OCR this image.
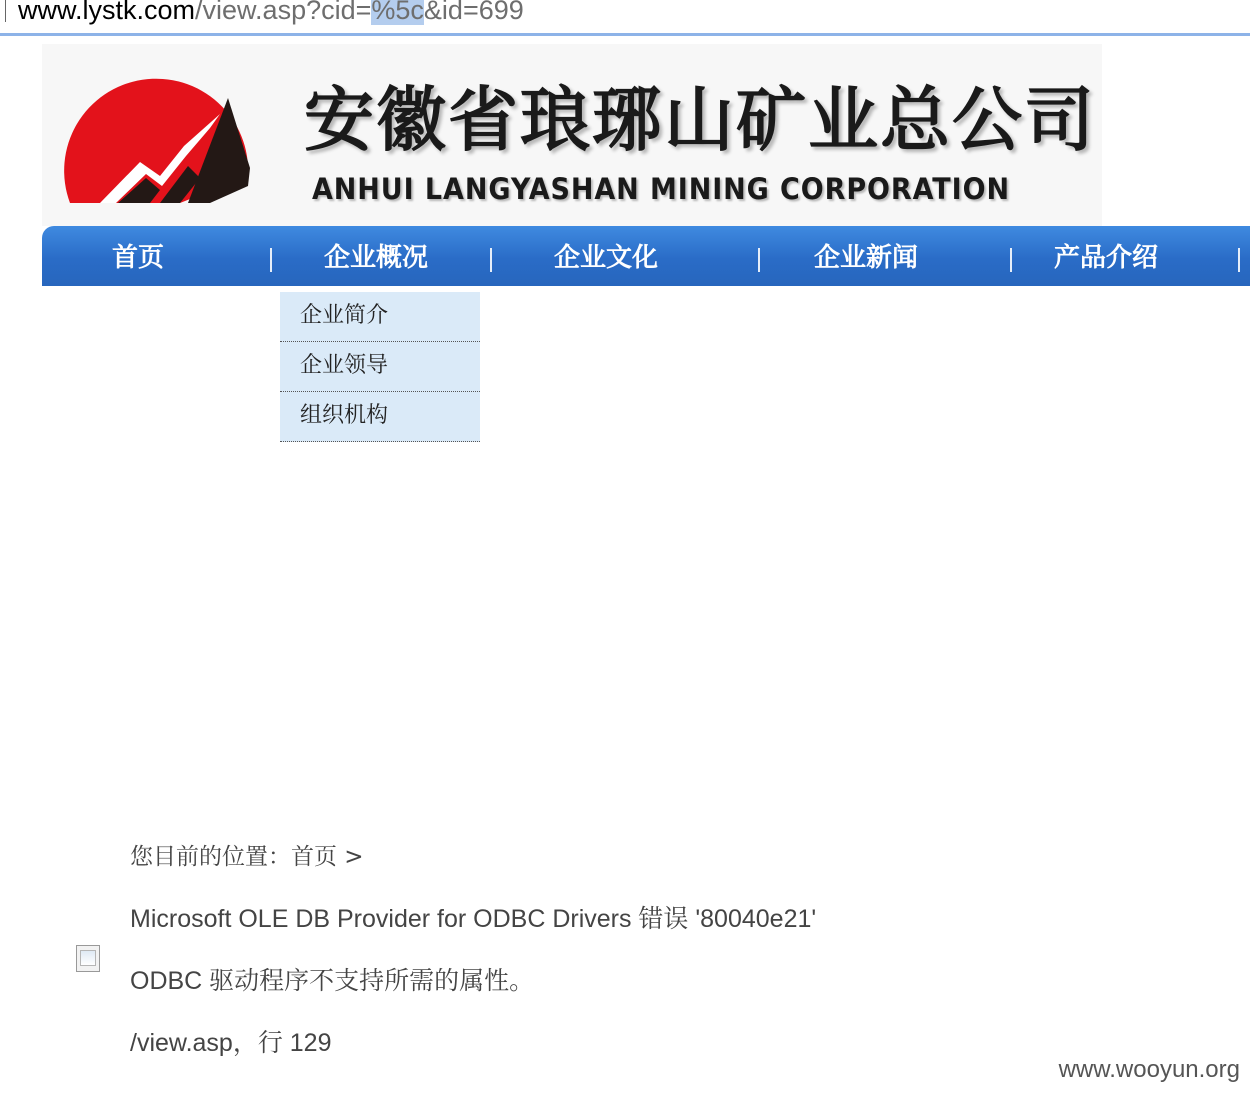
www.lystk.com/view.asp?cid=%5c&id=699
安徽省琅琊山矿业总公司
ANHUI LANGYASHAN MINING CORPORATION
首页	企业概况	企业文化	企业新闻	产品介绍
企业简介
企业领导
组织机构
您目前的位置：首页 >
Microsoft OLE DB Provider for ODBC Drivers 错误 '80040e21'
ODBC 驱动程序不支持所需的属性。
/view.asp，行 129
www.wooyun.org
